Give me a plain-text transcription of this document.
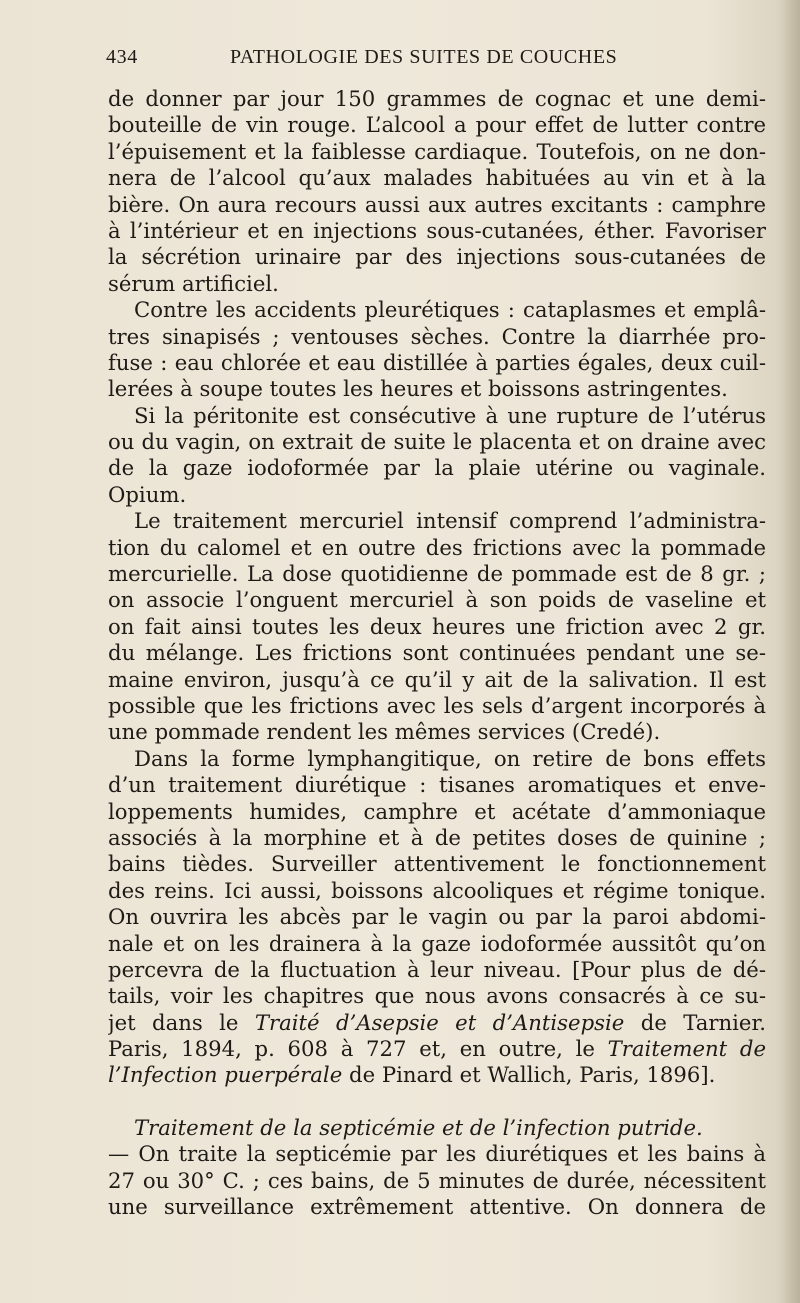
434	PATHOLOGIE DES SUITES DE COUCHES
de donner par jour 150 grammes de cognac et une demi-
bouteille de vin rouge. L’alcool a pour effet de lutter contre
l’épuisement et la faiblesse cardiaque. Toutefois, on ne don-
nera de l’alcool qu’aux malades habituées au vin et à la
bière. On aura recours aussi aux autres excitants : camphre
à l’intérieur et en injections sous-cutanées, éther. Favoriser
la sécrétion urinaire par des injections sous-cutanées de
sérum artificiel.
Contre les accidents pleurétiques : cataplasmes et emplâ-
tres sinapisés ; ventouses sèches. Contre la diarrhée pro-
fuse : eau chlorée et eau distillée à parties égales, deux cuil-
lerées à soupe toutes les heures et boissons astringentes.
Si la péritonite est consécutive à une rupture de l’utérus
ou du vagin, on extrait de suite le placenta et on draine avec
de la gaze iodoformée par la plaie utérine ou vaginale.
Opium.
Le traitement mercuriel intensif comprend l’administra-
tion du calomel et en outre des frictions avec la pommade
mercurielle. La dose quotidienne de pommade est de 8 gr. ;
on associe l’onguent mercuriel à son poids de vaseline et
on fait ainsi toutes les deux heures une friction avec 2 gr.
du mélange. Les frictions sont continuées pendant une se-
maine environ, jusqu’à ce qu’il y ait de la salivation. Il est
possible que les frictions avec les sels d’argent incorporés à
une pommade rendent les mêmes services (Credé).
Dans la forme lymphangitique, on retire de bons effets
d’un traitement diurétique : tisanes aromatiques et enve-
loppements humides, camphre et acétate d’ammoniaque
associés à la morphine et à de petites doses de quinine ;
bains tièdes. Surveiller attentivement le fonctionnement
des reins. Ici aussi, boissons alcooliques et régime tonique.
On ouvrira les abcès par le vagin ou par la paroi abdomi-
nale et on les drainera à la gaze iodoformée aussitôt qu’on
percevra de la fluctuation à leur niveau. [Pour plus de dé-
tails, voir les chapitres que nous avons consacrés à ce su-
jet dans le Traité d’Asepsie et d’Antisepsie de Tarnier.
Paris, 1894, p. 608 à 727 et, en outre, le Traitement de
l’Infection puerpérale de Pinard et Wallich, Paris, 1896].
Traitement de la septicémie et de l’infection putride.
— On traite la septicémie par les diurétiques et les bains à
27 ou 30° C. ; ces bains, de 5 minutes de durée, nécessitent
une surveillance extrêmement attentive. On donnera de
